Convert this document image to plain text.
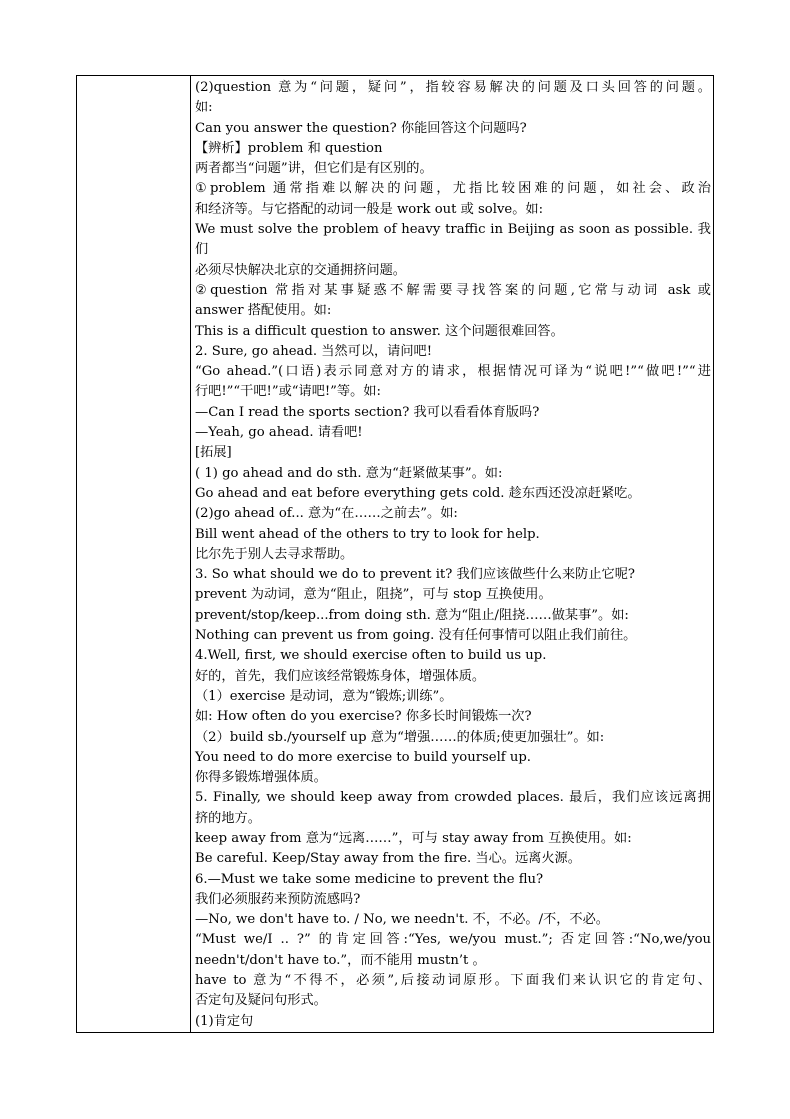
(2)question 意为“问题，疑问”，指较容易解决的问题及口头回答的问题。
如:
Can you answer the question? 你能回答这个问题吗?
【辨析】problem 和 question
两者都当“问题”讲，但它们是有区别的。
①problem 通常指难以解决的问题，尤指比较困难的问题，如社会、政治
和经济等。与它搭配的动词一般是 work out 或 solve。如:
We must solve the problem of heavy traffic in Beijing as soon as possible. 我们
必须尽快解决北京的交通拥挤问题。
②question 常指对某事疑惑不解需要寻找答案的问题,它常与动词 ask 或
answer 搭配使用。如:
This is a difficult question to answer. 这个问题很难回答。
2. Sure, go ahead. 当然可以，请问吧!
“Go ahead.”(口语)表示同意对方的请求，根据情况可译为“说吧!”“做吧!”“进
行吧!”“干吧!”或“请吧!”等。如:
—Can I read the sports section? 我可以看看体育版吗?
—Yeah, go ahead. 请看吧!
[拓展]
( 1) go ahead and do sth. 意为“赶紧做某事”。如:
Go ahead and eat before everything gets cold. 趁东西还没凉赶紧吃。
(2)go ahead of... 意为“在……之前去”。如:
Bill went ahead of the others to try to look for help.
比尔先于别人去寻求帮助。
3. So what should we do to prevent it? 我们应该做些什么来防止它呢?
prevent 为动词，意为“阻止，阻挠”，可与 stop 互换使用。
prevent/stop/keep...from doing sth. 意为“阻止/阻挠……做某事”。如:
Nothing can prevent us from going. 没有任何事情可以阻止我们前往。
4.Well, first, we should exercise often to build us up.
好的，首先，我们应该经常锻炼身体，增强体质。
（1）exercise 是动词，意为“锻炼;训练”。
如: How often do you exercise? 你多长时间锻炼一次?
（2）build sb./yourself up 意为“增强……的体质;使更加强壮”。如:
You need to do more exercise to build yourself up.
你得多锻炼增强体质。
5. Finally, we should keep away from crowded places. 最后，我们应该远离拥
挤的地方。
keep away from 意为“远离……”，可与 stay away from 互换使用。如:
Be careful. Keep/Stay away from the fire. 当心。远离火源。
6.—Must we take some medicine to prevent the flu?
我们必须服药来预防流感吗?
—No, we don't have to. / No, we needn't. 不，不必。/不，不必。
“Must we/I .. ?” 的肯定回答:“Yes, we/you must.”; 否定回答:“No,we/you
needn't/don't have to.”，而不能用 mustn’t 。
have to 意为“不得不，必须”,后接动词原形。下面我们来认识它的肯定句、
否定句及疑问句形式。
(1)肯定句
